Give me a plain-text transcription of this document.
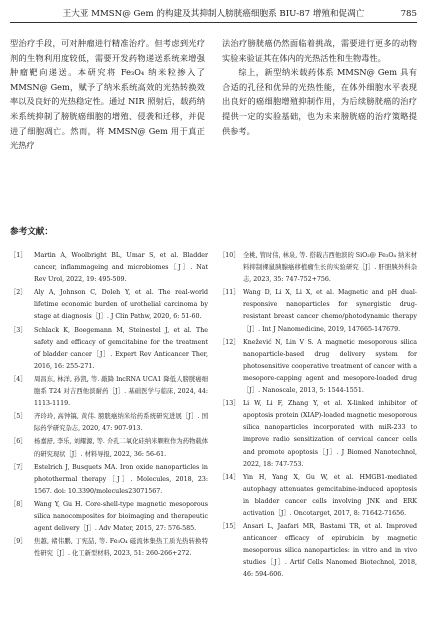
王大亚 MMSN@ Gem 的构建及其抑制人膀胱癌细胞系 BIU-87 增殖和促凋亡	785

型治疗手段，可对肿瘤进行精准治疗。但考虑到光疗剂的生物利用度较低，需要开发药物递送系统来增强肿瘤靶向递送。本研究将 Fe₃O₄ 纳米粒掺入了 MMSN@ Gem，赋予了纳米系统高效的光热转换效率以及良好的光热稳定性。通过 NIR 照射后，载药纳米系统抑制了膀胱癌细胞的增殖、侵袭和迁移，并促进了细胞凋亡。然而，将 MMSN@ Gem 用于真正光热疗

法治疗膀胱癌仍然面临着挑战，需要进行更多的动物实验来验证其在体内的光热活性和生物毒性。

综上，新型纳米载药体系 MMSN@ Gem 具有合适的孔径和优异的光热性能，在体外细胞水平表现出良好的癌细胞增殖抑制作用，为后续膀胱癌的治疗提供一定的实验基础，也为未来膀胱癌的治疗策略提供参考。

参考文献：
［1］ Martin A, Woolbright BL, Umar S, et al. Bladder cancer, inflammageing and microbiomes［J］. Nat Rev Urol, 2022, 19: 495-509.
［2］ Aly A, Johnson C, Doleh Y, et al. The real-world lifetime economic burden of urothelial carcinoma by stage at diagnosis［J］. J Clin Pathw, 2020, 6: 51-60.
［3］ Schlack K, Boegemann M, Steinestel J, et al. The safety and efficacy of gemcitabine for the treatment of bladder cancer［J］. Expert Rev Anticancer Ther, 2016, 16: 255-271.
［4］ 周昌东, 林洋, 孙凯, 等. 敲降 lncRNA UCA1 降低人膀胱癌细胞系 T24 对吉西他滨耐药［J］. 基础医学与临床, 2024, 44: 1113-1119.
［5］ 齐玲玲, 高钟镐, 黄伟. 膀胱癌纳米给药系统研究进展［J］. 国际药学研究杂志, 2020, 47: 907-913.
［6］ 杨嘉舒, 李乐, 刘耀源, 等. 介孔二氧化硅纳米颗粒作为药物载体的研究现状［J］. 材料导报, 2022, 36: 56-61.
［7］ Estelrich J, Busquets MA. Iron oxide nanoparticles in photothermal therapy［J］. Molecules, 2018, 23: 1567. doi: 10.3390/molecules23071567.
［8］ Wang Y, Gu H. Core-shell-type magnetic mesoporous silica nanocomposites for bioimaging and therapeutic agent delivery［J］. Adv Mater, 2015, 27: 576-585.
［9］ 焦越, 褚伟鹏, 丁宪喆, 等. Fe₃O₄ 磁流体集热工质光热转换特性研究［J］. 化工新型材料, 2023, 51: 260-266+272.
［10］ 全桃, 管时伟, 林泉, 等. 搭载吉西他滨的 SiO₂@ Fe₃O₄ 纳米材料抑制裸鼠胰腺癌移植瘤生长的实验研究［J］. 肝胆胰外科杂志, 2023, 35: 747-752+756.
［11］ Wang D, Li X, Li X, et al. Magnetic and pH dual-responsive nanoparticles for synergistic drug-resistant breast cancer chemo/photodynamic therapy［J］. Int J Nanomedicine, 2019, 147665-147679.
［12］ Knežević N, Lin V S. A magnetic mesoporous silica nanoparticle-based drug delivery system for photosensitive cooperative treatment of cancer with a mesopore-capping agent and mesopore-loaded drug［J］. Nanoscale, 2013, 5: 1544-1551.
［13］ Li W, Li F, Zhang Y, et al. X-linked inhibitor of apoptosis protein (XIAP)-loaded magnetic mesoporous silica nanoparticles incorporated with miR-233 to improve radio sensitization of cervical cancer cells and promote apoptosis［J］. J Biomed Nanotechnol, 2022, 18: 747-753.
［14］ Yin H, Yang X, Gu W, et al. HMGB1-mediated autophagy attenuates gemcitabine-induced apoptosis in bladder cancer cells involving JNK and ERK activation［J］. Oncotarget, 2017, 8: 71642-71656.
［15］ Ansari L, Jaafari MR, Bastami TR, et al. Improved anticancer efficacy of epirubicin by magnetic mesoporous silica nanoparticles: in vitro and in vivo studies［J］. Artif Cells Nanomed Biotechnol, 2018, 46: 594-606.
